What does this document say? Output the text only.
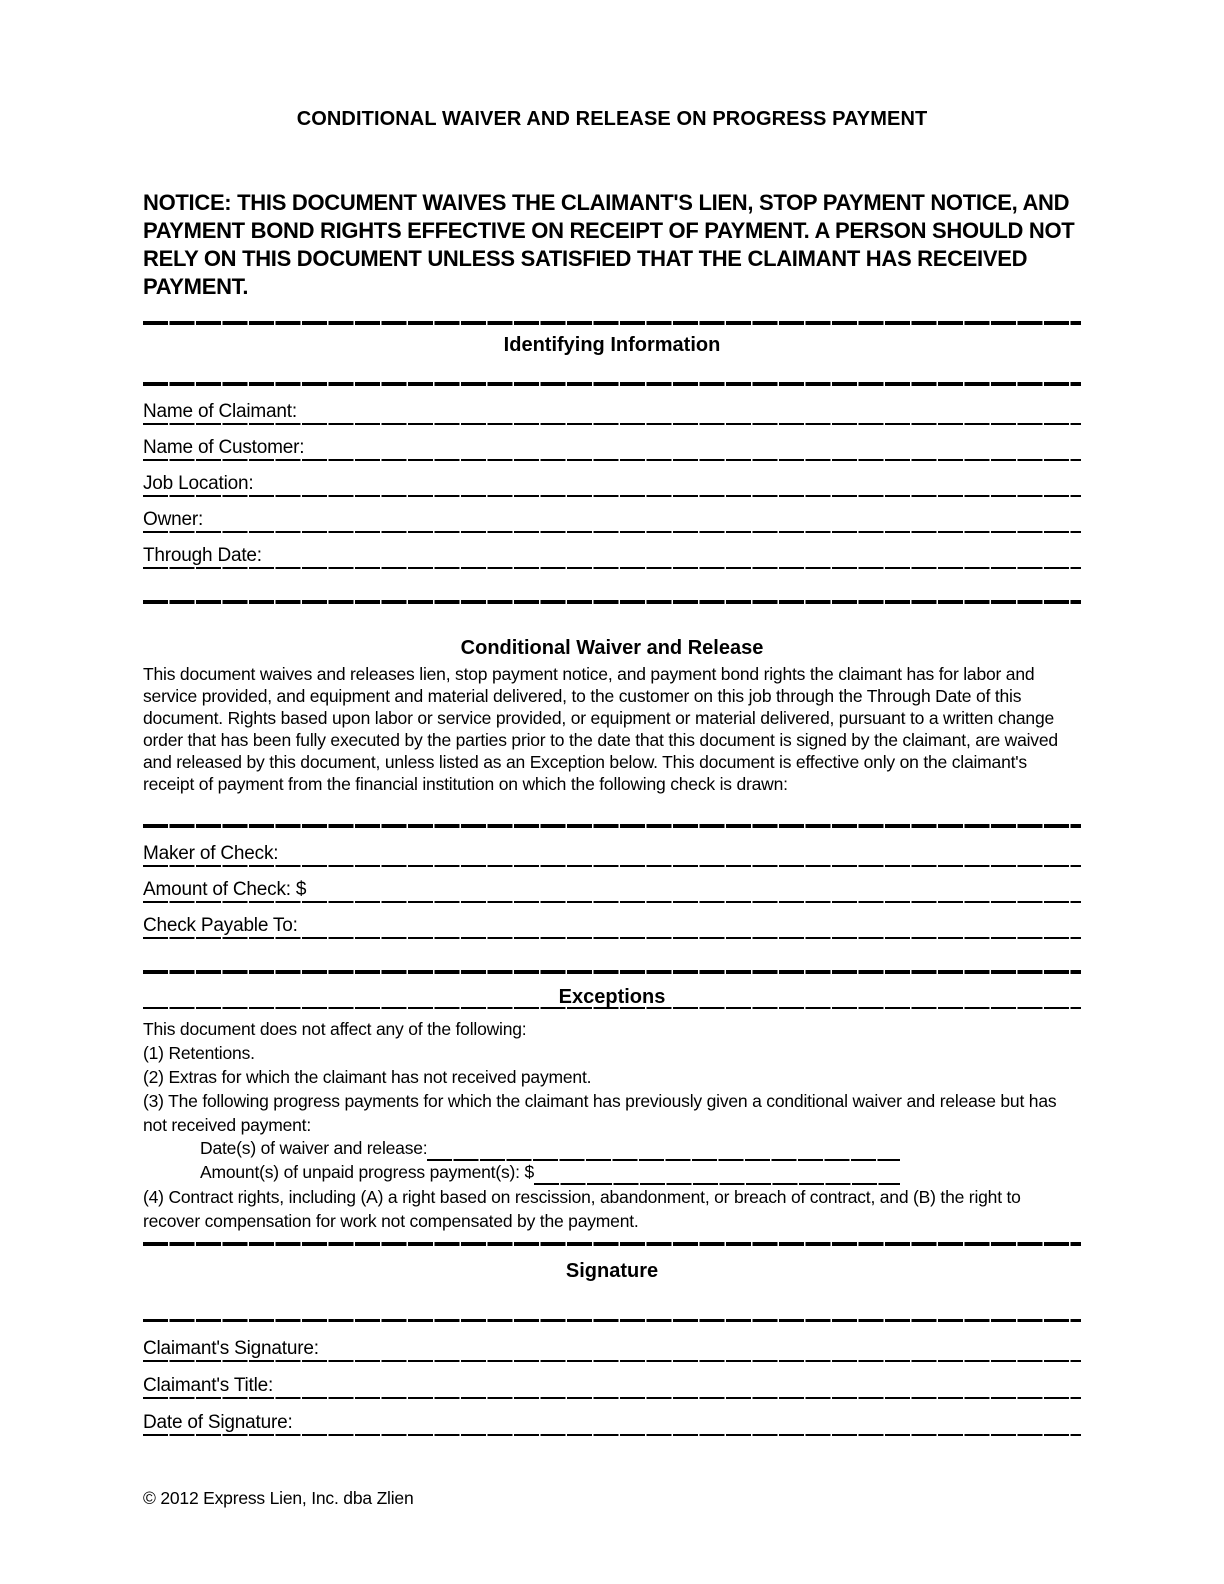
CONDITIONAL WAIVER AND RELEASE ON PROGRESS PAYMENT

NOTICE: THIS DOCUMENT WAIVES THE CLAIMANT'S LIEN, STOP PAYMENT NOTICE, AND PAYMENT BOND RIGHTS EFFECTIVE ON RECEIPT OF PAYMENT. A PERSON SHOULD NOT RELY ON THIS DOCUMENT UNLESS SATISFIED THAT THE CLAIMANT HAS RECEIVED PAYMENT.

Identifying Information
Name of Claimant:
Name of Customer:
Job Location:
Owner:
Through Date:
Conditional Waiver and Release

This document waives and releases lien, stop payment notice, and payment bond rights the claimant has for labor and service provided, and equipment and material delivered, to the customer on this job through the Through Date of this document. Rights based upon labor or service provided, or equipment or material delivered, pursuant to a written change order that has been fully executed by the parties prior to the date that this document is signed by the claimant, are waived and released by this document, unless listed as an Exception below. This document is effective only on the claimant's receipt of payment from the financial institution on which the following check is drawn:

Maker of Check:
Amount of Check: $
Check Payable To:
Exceptions

This document does not affect any of the following:

(1) Retentions.

(2) Extras for which the claimant has not received payment.

(3) The following progress payments for which the claimant has previously given a conditional waiver and release but has not received payment:

Date(s) of waiver and release:
Amount(s) of unpaid progress payment(s): $

(4) Contract rights, including (A) a right based on rescission, abandonment, or breach of contract, and (B) the right to recover compensation for work not compensated by the payment.

Signature
Claimant's Signature:
Claimant's Title:
Date of Signature:

© 2012 Express Lien, Inc. dba Zlien
